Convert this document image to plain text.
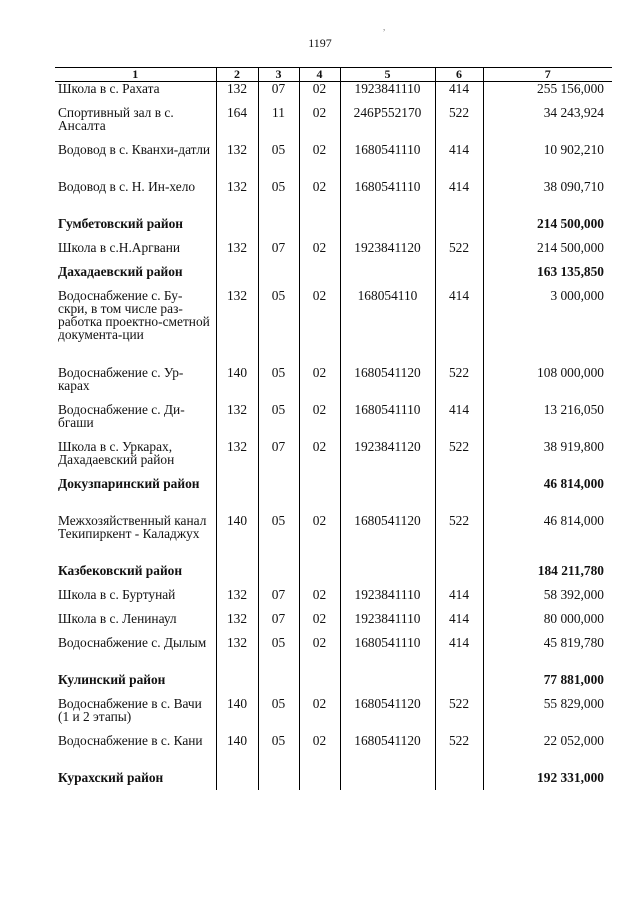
1197
,
1	2	3	4	5	6	7
Школа в с. Рахата	132	07	02	1923841110	414	255 156,000
Спортивный зал в с. Ансалта	164	11	02	246Р552170	522	34 243,924
Водовод в с. Кванхи-датли	132	05	02	1680541110	414	10 902,210
Водовод в с. Н. Ин-хело	132	05	02	1680541110	414	38 090,710
Гумбетовский район						214 500,000
Школа в с.Н.Аргвани	132	07	02	1923841120	522	214 500,000
Дахадаевский район						163 135,850
Водоснабжение с. Бу-скри, в том числе раз-работка проектно-сметной документа-ции	132	05	02	168054110	414	3 000,000
Водоснабжение с. Ур-карах	140	05	02	1680541120	522	108 000,000
Водоснабжение с. Ди-бгаши	132	05	02	1680541110	414	13 216,050
Школа в с. Уркарах, Дахадаевский район	132	07	02	1923841120	522	38 919,800
Докузпаринский район						46 814,000
Межхозяйственный канал Текипиркент - Каладжух	140	05	02	1680541120	522	46 814,000
Казбековский район						184 211,780
Школа в с. Буртунай	132	07	02	1923841110	414	58 392,000
Школа в с. Ленинаул	132	07	02	1923841110	414	80 000,000
Водоснабжение с. Дылым	132	05	02	1680541110	414	45 819,780
Кулинский район						77 881,000
Водоснабжение в с. Вачи (1 и 2 этапы)	140	05	02	1680541120	522	55 829,000
Водоснабжение в с. Кани	140	05	02	1680541120	522	22 052,000
Курахский район						192 331,000
